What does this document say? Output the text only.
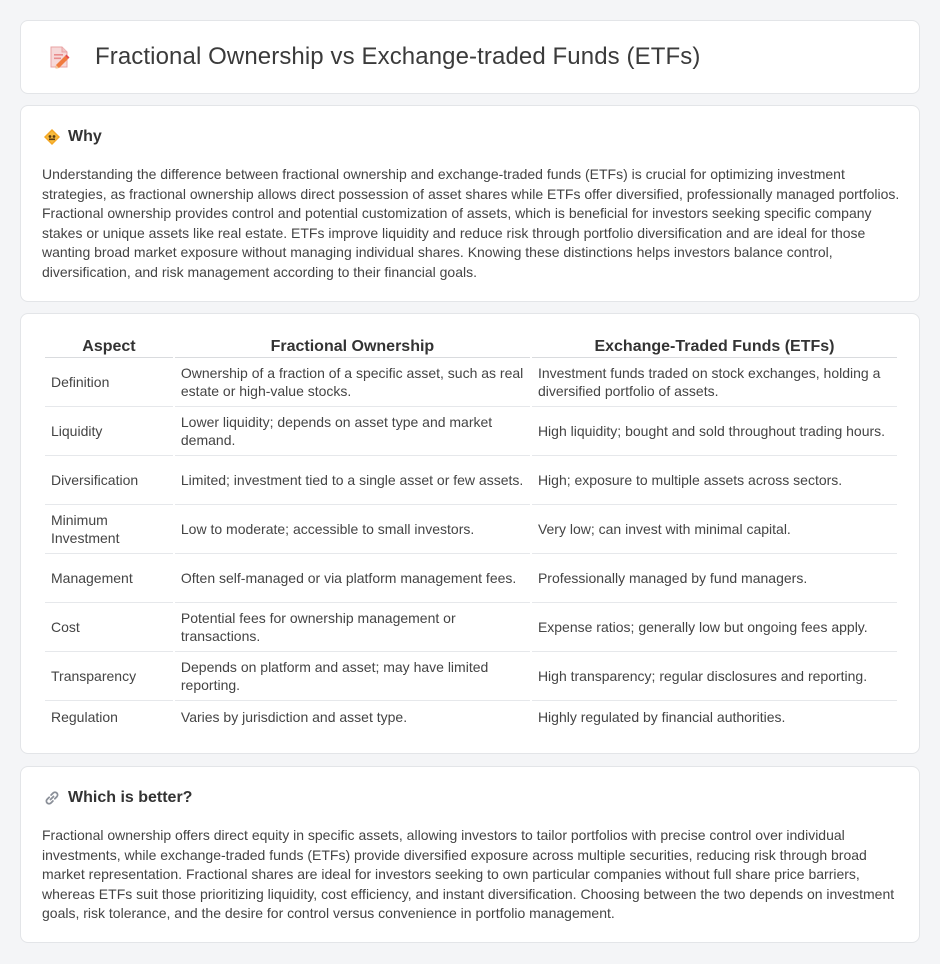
Fractional Ownership vs Exchange-traded Funds (ETFs)
Why

Understanding the difference between fractional ownership and exchange-traded funds (ETFs) is crucial for optimizing investment strategies, as fractional ownership allows direct possession of asset shares while ETFs offer diversified, professionally managed portfolios. Fractional ownership provides control and potential customization of assets, which is beneficial for investors seeking specific company stakes or unique assets like real estate. ETFs improve liquidity and reduce risk through portfolio diversification and are ideal for those wanting broad market exposure without managing individual shares. Knowing these distinctions helps investors balance control, diversification, and risk management according to their financial goals.

Aspect	Fractional Ownership	Exchange-Traded Funds (ETFs)
Definition	Ownership of a fraction of a specific asset, such as real estate or high-value stocks.	Investment funds traded on stock exchanges, holding a diversified portfolio of assets.
Liquidity	Lower liquidity; depends on asset type and market demand.	High liquidity; bought and sold throughout trading hours.
Diversification	Limited; investment tied to a single asset or few assets.	High; exposure to multiple assets across sectors.
Minimum Investment	Low to moderate; accessible to small investors.	Very low; can invest with minimal capital.
Management	Often self-managed or via platform management fees.	Professionally managed by fund managers.
Cost	Potential fees for ownership management or transactions.	Expense ratios; generally low but ongoing fees apply.
Transparency	Depends on platform and asset; may have limited reporting.	High transparency; regular disclosures and reporting.
Regulation	Varies by jurisdiction and asset type.	Highly regulated by financial authorities.
Which is better?

Fractional ownership offers direct equity in specific assets, allowing investors to tailor portfolios with precise control over individual investments, while exchange-traded funds (ETFs) provide diversified exposure across multiple securities, reducing risk through broad market representation. Fractional shares are ideal for investors seeking to own particular companies without full share price barriers, whereas ETFs suit those prioritizing liquidity, cost efficiency, and instant diversification. Choosing between the two depends on investment goals, risk tolerance, and the desire for control versus convenience in portfolio management.
